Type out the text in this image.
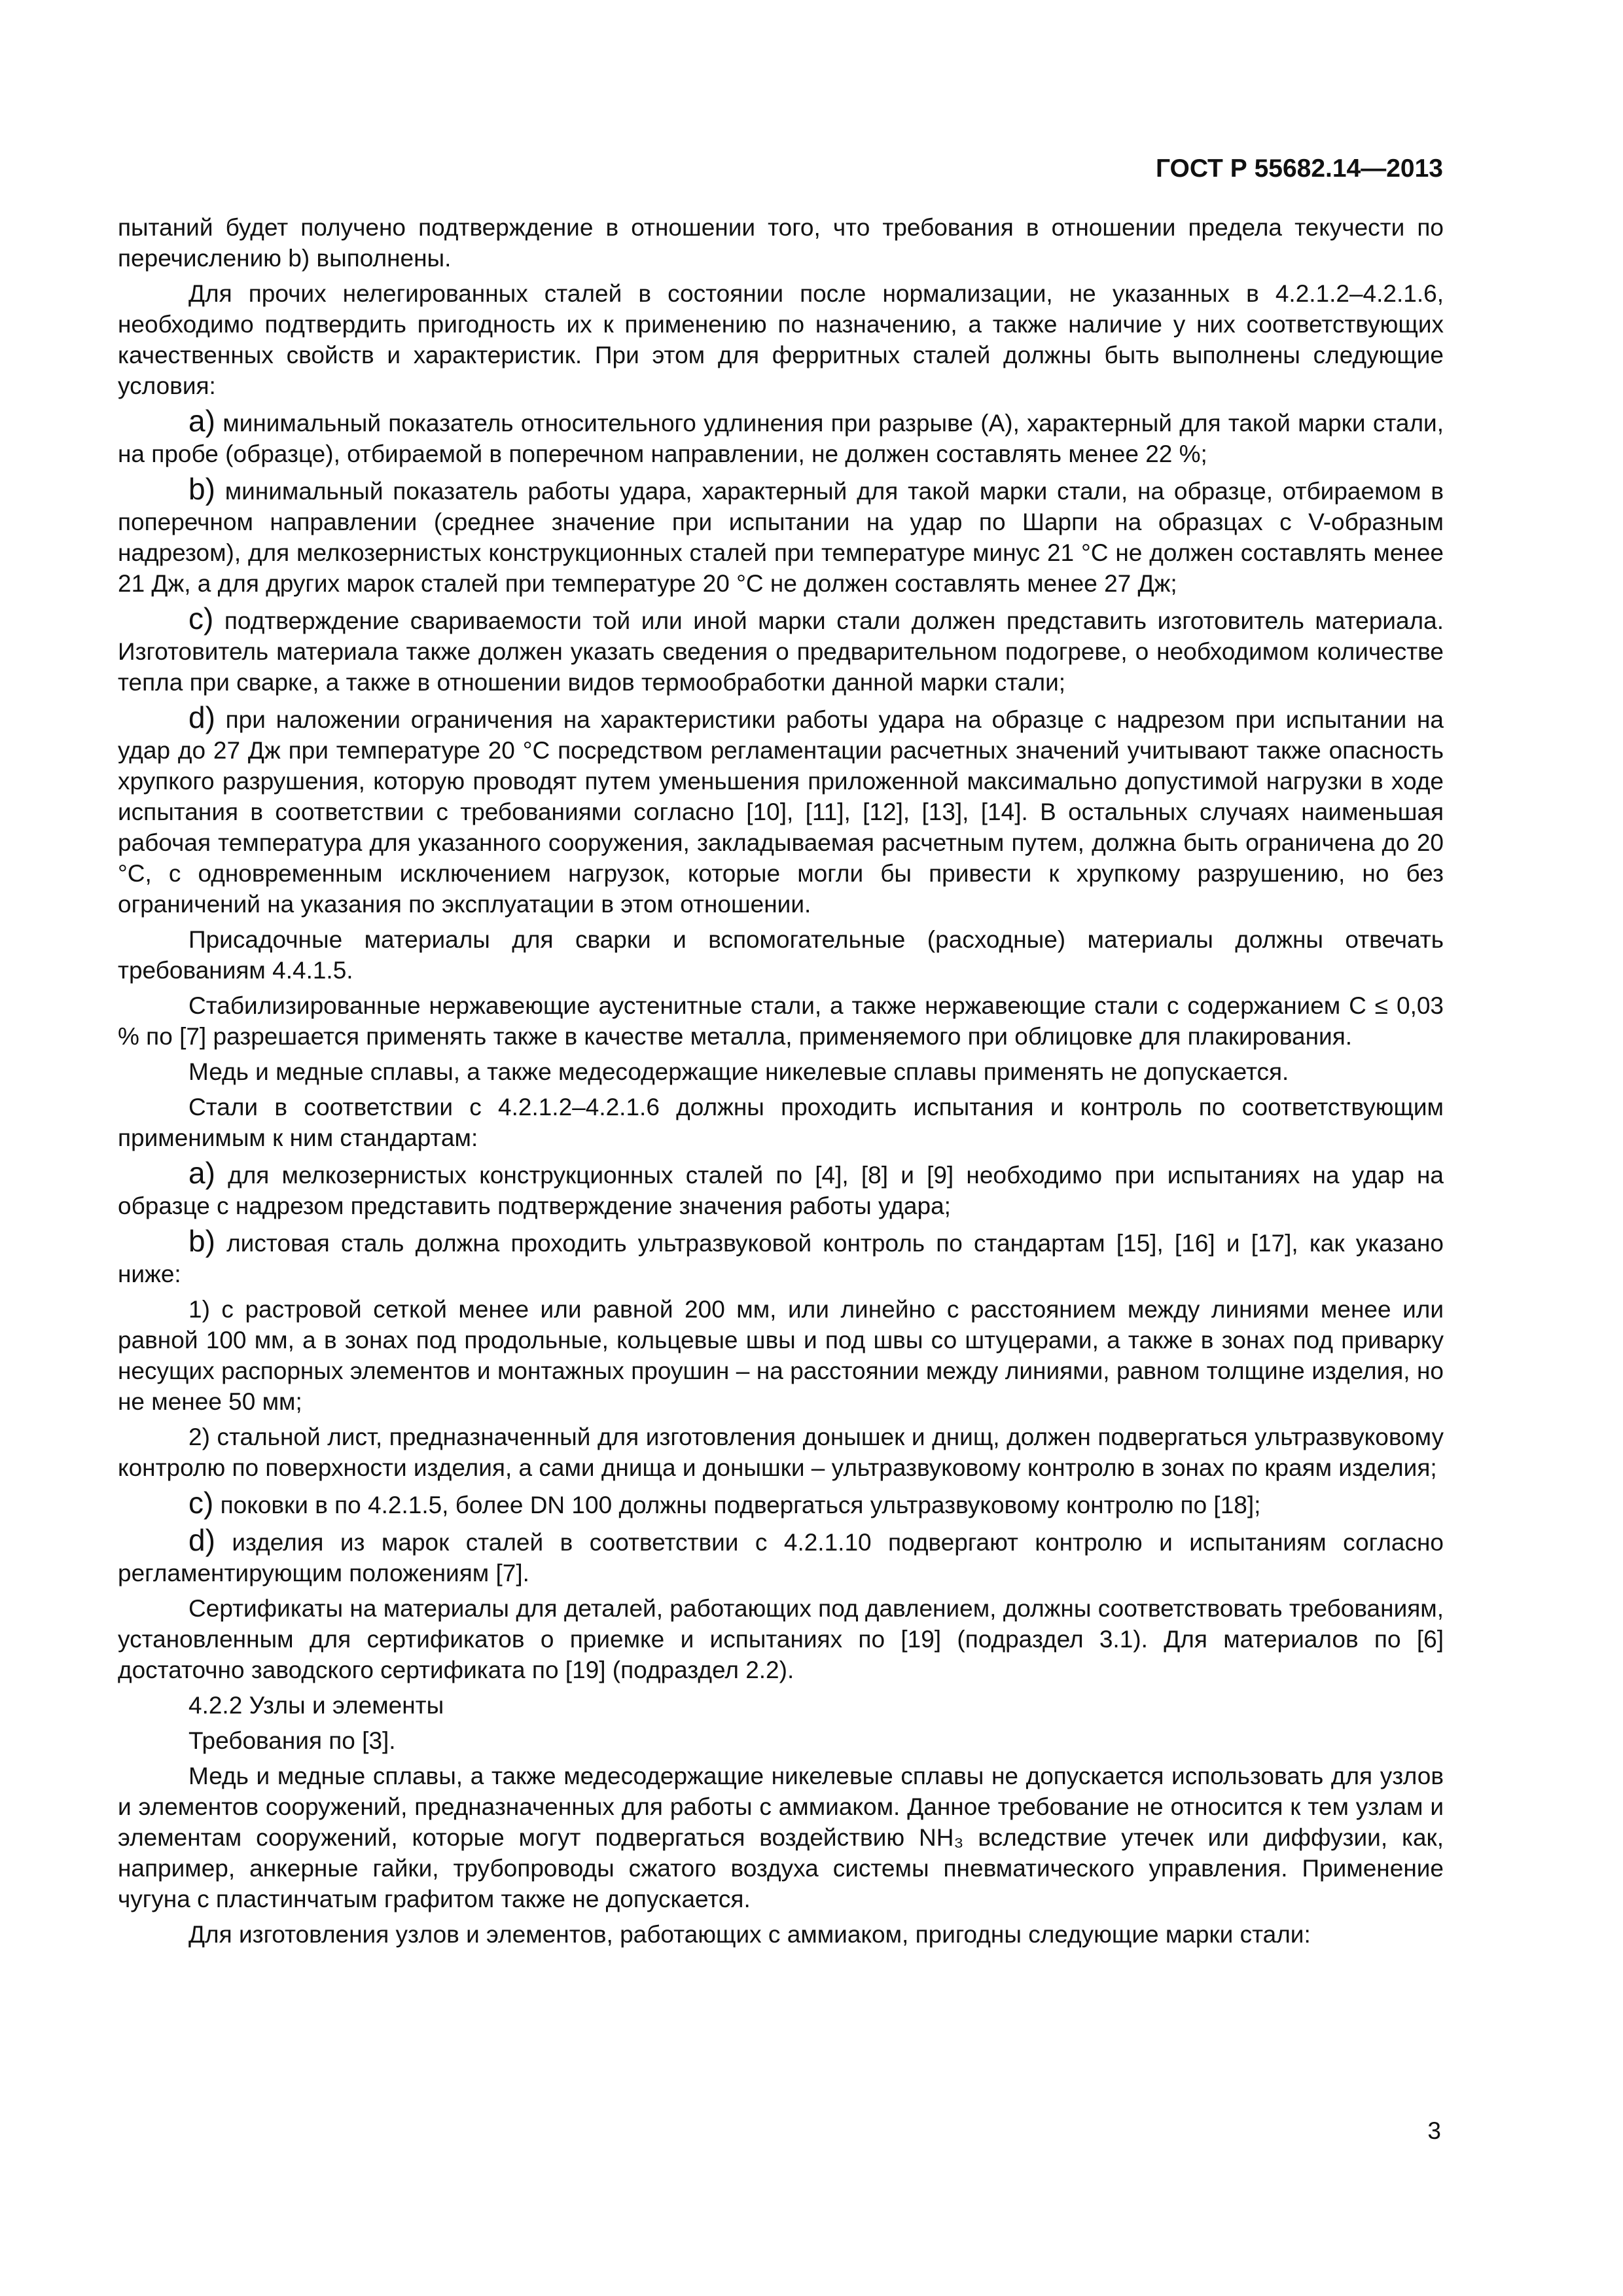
ГОСТ Р 55682.14—2013

пытаний будет получено подтверждение в отношении того, что требования в отношении предела текучести по перечислению b) выполнены.

Для прочих нелегированных сталей в состоянии после нормализации, не указанных в 4.2.1.2–4.2.1.6, необходимо подтвердить пригодность их к применению по назначению, а также наличие у них соответствующих качественных свойств и характеристик. При этом для ферритных сталей должны быть выполнены следующие условия:

a) минимальный показатель относительного удлинения при разрыве (A), характерный для такой марки стали, на пробе (образце), отбираемой в поперечном направлении, не должен составлять менее 22 %;

b) минимальный показатель работы удара, характерный для такой марки стали, на образце, отбираемом в поперечном направлении (среднее значение при испытании на удар по Шарпи на образцах с V-образным надрезом), для мелкозернистых конструкционных сталей при температуре минус 21 °С не должен составлять менее 21 Дж, а для других марок сталей при температуре 20 °С не должен составлять менее 27 Дж;

c) подтверждение свариваемости той или иной марки стали должен представить изготовитель материала. Изготовитель материала также должен указать сведения о предварительном подогреве, о необходимом количестве тепла при сварке, а также в отношении видов термообработки данной марки стали;

d) при наложении ограничения на характеристики работы удара на образце с надрезом при испытании на удар до 27 Дж при температуре 20 °С посредством регламентации расчетных значений учитывают также опасность хрупкого разрушения, которую проводят путем уменьшения приложенной максимально допустимой нагрузки в ходе испытания в соответствии с требованиями согласно [10], [11], [12], [13], [14]. В остальных случаях наименьшая рабочая температура для указанного сооружения, закладываемая расчетным путем, должна быть ограничена до 20 °С, с одновременным исключением нагрузок, которые могли бы привести к хрупкому разрушению, но без ограничений на указания по эксплуатации в этом отношении.

Присадочные материалы для сварки и вспомогательные (расходные) материалы должны отвечать требованиям 4.4.1.5.

Стабилизированные нержавеющие аустенитные стали, а также нержавеющие стали с содержанием С ≤ 0,03 % по [7] разрешается применять также в качестве металла, применяемого при облицовке для плакирования.

Медь и медные сплавы, а также медесодержащие никелевые сплавы применять не допускается.

Стали в соответствии с 4.2.1.2–4.2.1.6 должны проходить испытания и контроль по соответствующим применимым к ним стандартам:

a) для мелкозернистых конструкционных сталей по [4], [8] и [9] необходимо при испытаниях на удар на образце с надрезом представить подтверждение значения работы удара;

b) листовая сталь должна проходить ультразвуковой контроль по стандартам [15], [16] и [17], как указано ниже:

1) с растровой сеткой менее или равной 200 мм, или линейно с расстоянием между линиями менее или равной 100 мм, а в зонах под продольные, кольцевые швы и под швы со штуцерами, а также в зонах под приварку несущих распорных элементов и монтажных проушин – на расстоянии между линиями, равном толщине изделия, но не менее 50 мм;

2) стальной лист, предназначенный для изготовления донышек и днищ, должен подвергаться ультразвуковому контролю по поверхности изделия, а сами днища и донышки – ультразвуковому контролю в зонах по краям изделия;

c) поковки в по 4.2.1.5, более DN 100 должны подвергаться ультразвуковому контролю по [18];

d) изделия из марок сталей в соответствии с 4.2.1.10 подвергают контролю и испытаниям согласно регламентирующим положениям [7].

Сертификаты на материалы для деталей, работающих под давлением, должны соответствовать требованиям, установленным для сертификатов о приемке и испытаниях по [19] (подраздел 3.1). Для материалов по [6] достаточно заводского сертификата по [19] (подраздел 2.2).

4.2.2 Узлы и элементы

Требования по [3].

Медь и медные сплавы, а также медесодержащие никелевые сплавы не допускается использовать для узлов и элементов сооружений, предназначенных для работы с аммиаком. Данное требование не относится к тем узлам и элементам сооружений, которые могут подвергаться воздействию NH₃ вследствие утечек или диффузии, как, например, анкерные гайки, трубопроводы сжатого воздуха системы пневматического управления. Применение чугуна с пластинчатым графитом также не допускается.

Для изготовления узлов и элементов, работающих с аммиаком, пригодны следующие марки стали:

3
